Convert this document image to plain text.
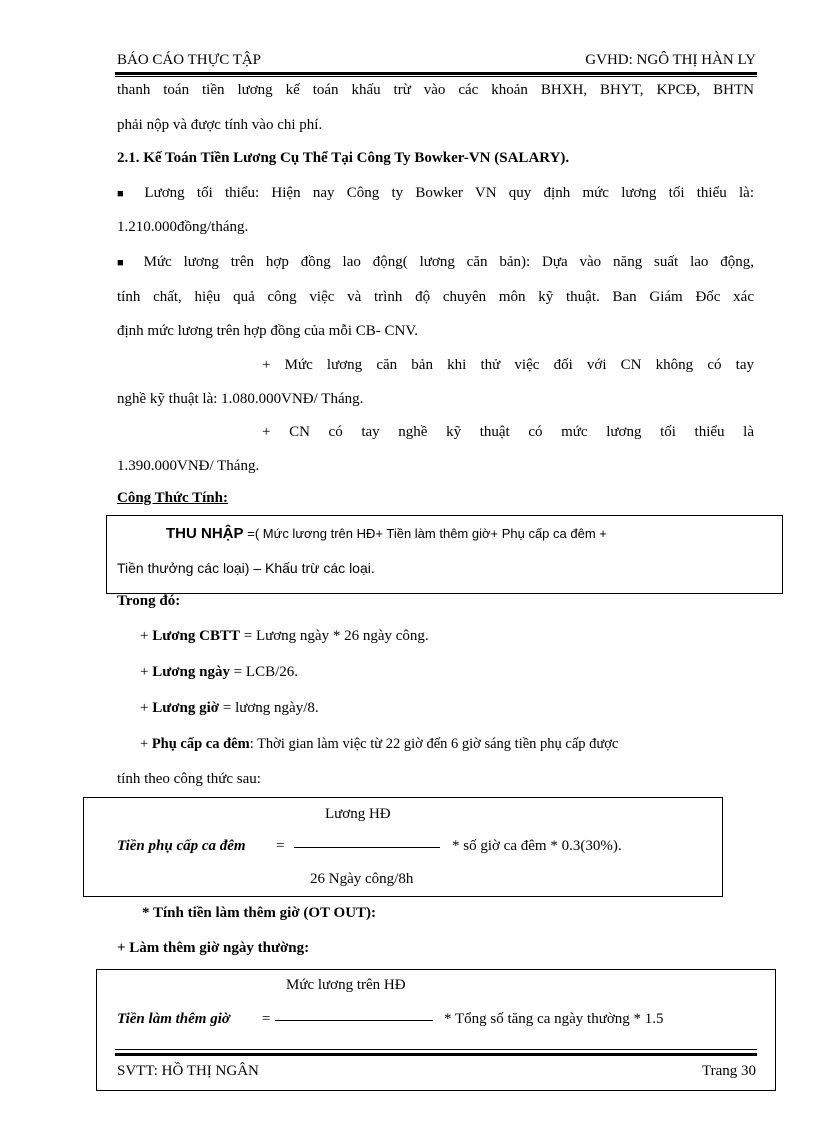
BÁO CÁO THỰC TẬP	GVHD: NGÔ THỊ HÀN LY
thanh toán tiền lương kế toán khấu trừ vào các khoản BHXH, BHYT, KPCĐ, BHTN
phải nộp và được tính vào chi phí.
2.1. Kế Toán Tiền Lương Cụ Thể Tại Công Ty Bowker-VN (SALARY).
■ Lương tối thiểu: Hiện nay Công ty Bowker VN quy định mức lương tối thiểu là:
1.210.000đồng/tháng.
■ Mức lương trên hợp đồng lao động( lương căn bản): Dựa vào năng suất lao động,
tính chất, hiệu quả công việc và trình độ chuyên môn kỹ thuật. Ban Giám Đốc xác
định mức lương trên hợp đồng của mỗi CB- CNV.
+ Mức lương căn bản khi thử việc đối với CN không có tay
nghề kỹ thuật là: 1.080.000VNĐ/ Tháng.
+ CN có tay nghề kỹ thuật có mức lương tối thiểu là
1.390.000VNĐ/ Tháng.
Công Thức Tính:
THU NHẬP =( Mức lương trên HĐ+ Tiền làm thêm giờ+ Phụ cấp ca đêm +
Tiền thưởng các loại) – Khấu trừ các loại.
Trong đó:
+ Lương CBTT = Lương ngày * 26 ngày công.
+ Lương ngày = LCB/26.
+ Lương giờ = lương ngày/8.
+ Phụ cấp ca đêm: Thời gian làm việc từ 22 giờ đến 6 giờ sáng tiền phụ cấp được
tính theo công thức sau:
Lương HĐ
Tiền phụ cấp ca đêm =	* số giờ ca đêm * 0.3(30%).
26 Ngày công/8h
* Tính tiền làm thêm giờ (OT OUT):
+ Làm thêm giờ ngày thường:
Mức lương trên HĐ
Tiền làm thêm giờ =	* Tổng số tăng ca ngày thường * 1.5
SVTT: HỒ THỊ NGÂN	Trang 30
